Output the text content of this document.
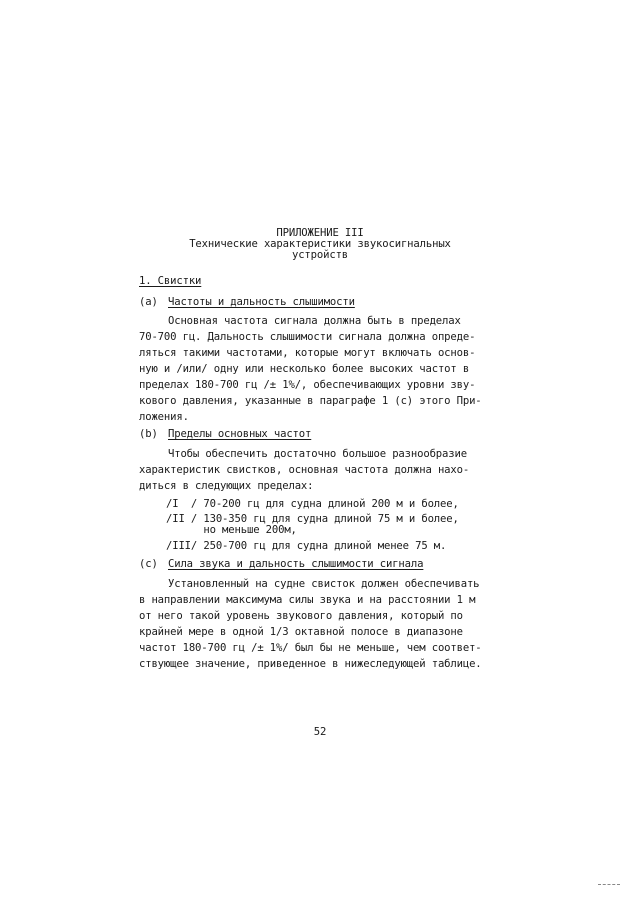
ПРИЛОЖЕНИЕ III
Технические характеристики звукосигнальных
устройств
1. Свистки
(a) Частоты и дальность слышимости
Основная частота сигнала должна быть в пределах
70-700 гц. Дальность слышимости сигнала должна опреде-
ляться такими частотами, которые могут включать основ-
ную и /или/ одну или несколько более высоких частот в
пределах 180-700 гц /± 1%/, обеспечивающих уровни зву-
кового давления, указанные в параграфе 1 (с) этого При-
ложения.
(b) Пределы основных частот
Чтобы обеспечить достаточно большое разнообразие
характеристик свистков, основная частота должна нахо-
диться в следующих пределах:
/I  / 70-200 гц для судна длиной 200 м и более,
/II / 130-350 гц для судна длиной 75 м и более,
но меньше 200м,
/III/ 250-700 гц для судна длиной менее 75 м.
(c) Сила звука и дальность слышимости сигнала
Установленный на судне свисток должен обеспечивать
в направлении максимума силы звука и на расстоянии 1 м
от него такой уровень звукового давления, который по
крайней мере в одной 1/3 октавной полосе в диапазоне
частот 180-700 гц /± 1%/ был бы не меньше, чем соответ-
ствующее значение, приведенное в нижеследующей таблице.
52
